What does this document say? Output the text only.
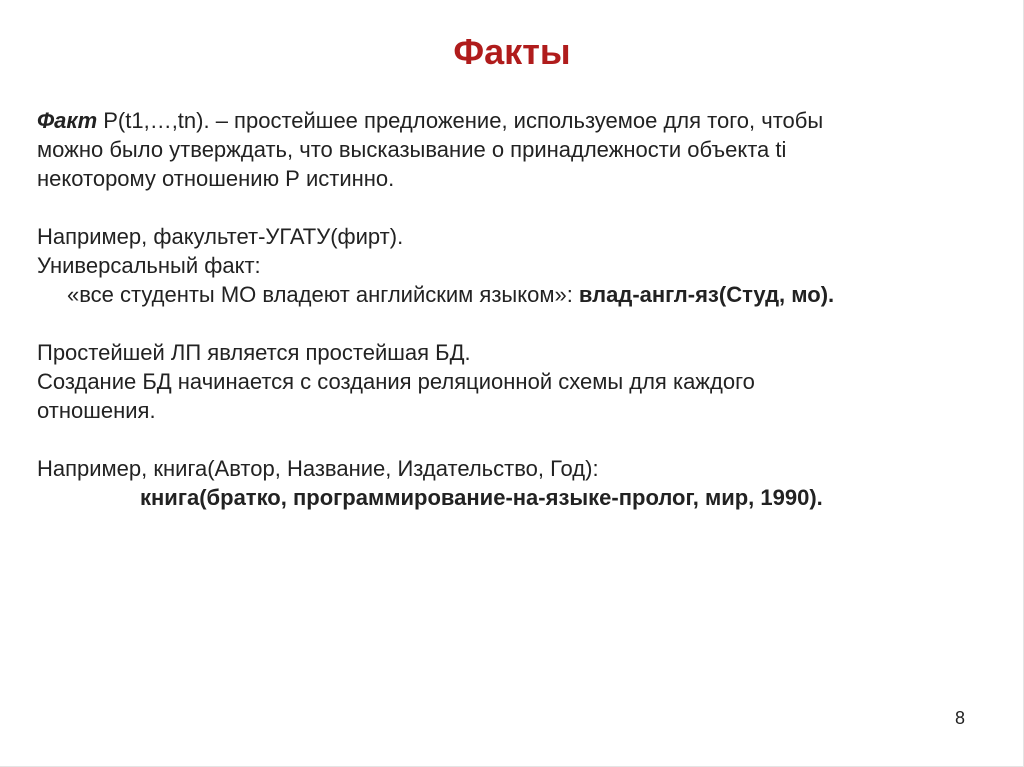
Факты
Факт P(t1,…,tn). – простейшее предложение, используемое для того, чтобы
можно было утверждать, что высказывание о принадлежности объекта ti
некоторому отношению Р истинно.
Например, факультет-УГАТУ(фирт).
Универсальный факт:
«все студенты МО владеют английским языком»: влад-англ-яз(Студ, мо).
Простейшей ЛП является простейшая БД.
Создание БД начинается с создания реляционной схемы для каждого
отношения.
Например, книга(Автор, Название, Издательство, Год):
книга(братко, программирование-на-языке-пролог, мир, 1990).
8
